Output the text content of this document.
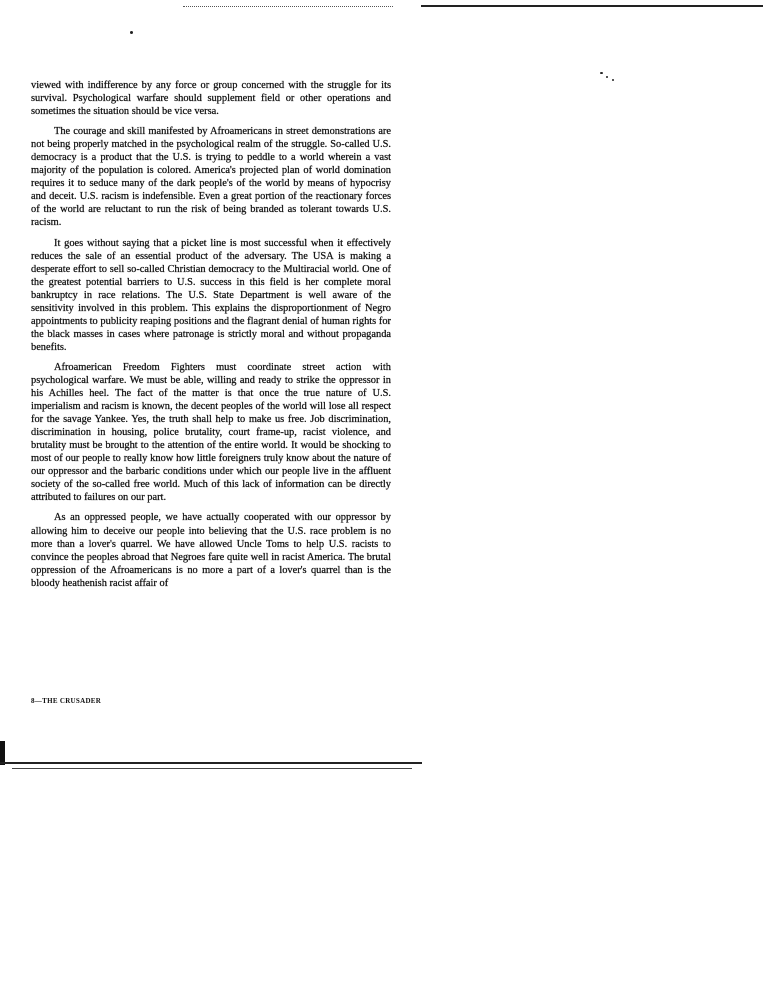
viewed with indifference by any force or group concerned with the struggle for its survival. Psychological warfare should supplement field or other operations and sometimes the situation should be vice versa.

The courage and skill manifested by Afroamericans in street demonstrations are not being properly matched in the psychological realm of the struggle. So-called U.S. democracy is a product that the U.S. is trying to peddle to a world wherein a vast majority of the population is colored. America's projected plan of world domination requires it to seduce many of the dark people's of the world by means of hypocrisy and deceit. U.S. racism is indefensible. Even a great portion of the reactionary forces of the world are reluctant to run the risk of being branded as tolerant towards U.S. racism.

It goes without saying that a picket line is most successful when it effectively reduces the sale of an essential product of the adversary. The USA is making a desperate effort to sell so-called Christian democracy to the Multiracial world. One of the greatest potential barriers to U.S. success in this field is her complete moral bankruptcy in race relations. The U.S. State Department is well aware of the sensitivity involved in this problem. This explains the disproportionment of Negro appointments to publicity reaping positions and the flagrant denial of human rights for the black masses in cases where patronage is strictly moral and without propaganda benefits.

Afroamerican Freedom Fighters must coordinate street action with psychological warfare. We must be able, willing and ready to strike the oppressor in his Achilles heel. The fact of the matter is that once the true nature of U.S. imperialism and racism is known, the decent peoples of the world will lose all respect for the savage Yankee. Yes, the truth shall help to make us free. Job discrimination, discrimination in housing, police brutality, court frame-up, racist violence, and brutality must be brought to the attention of the entire world. It would be shocking to most of our people to really know how little foreigners truly know about the nature of our oppressor and the barbaric conditions under which our people live in the affluent society of the so-called free world. Much of this lack of information can be directly attributed to failures on our part.

As an oppressed people, we have actually cooperated with our oppressor by allowing him to deceive our people into believing that the U.S. race problem is no more than a lover's quarrel. We have allowed Uncle Toms to help U.S. racists to convince the peoples abroad that Negroes fare quite well in racist America. The brutal oppression of the Afroamericans is no more a part of a lover's quarrel than is the bloody heathenish racist affair of

8—THE CRUSADER
